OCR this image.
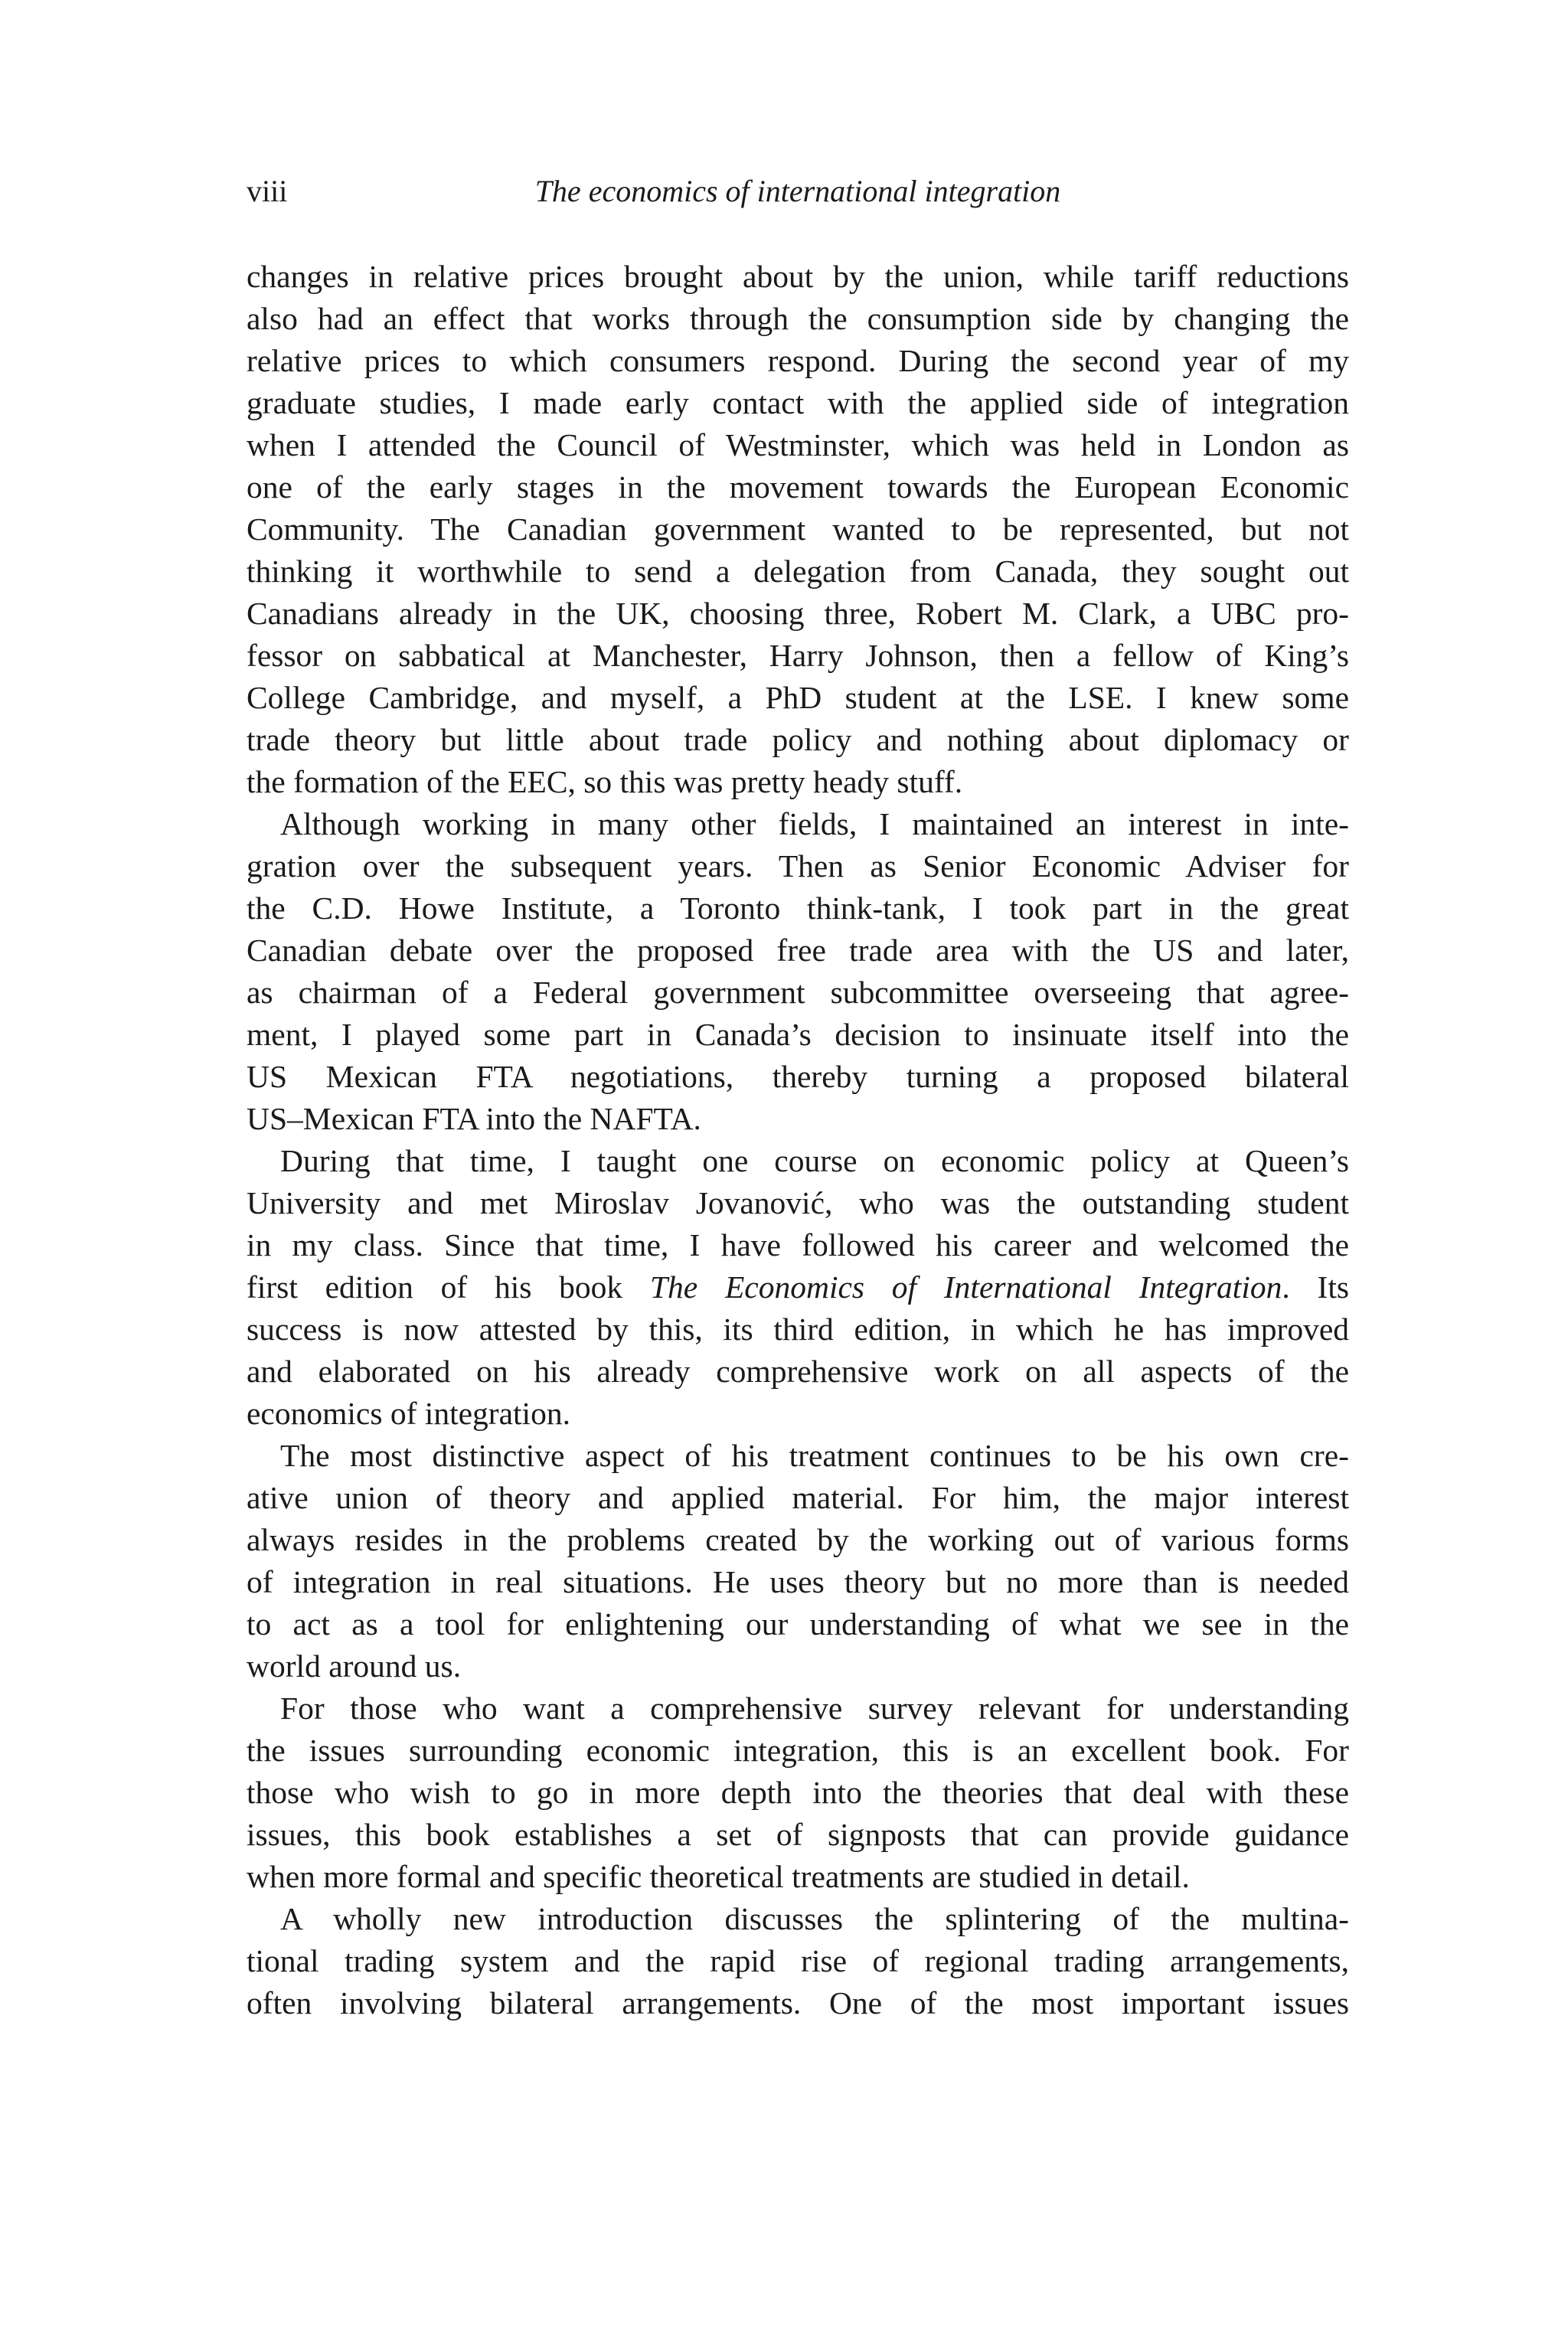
viii	The economics of international integration
changes in relative prices brought about by the union, while tariff reductions
also had an effect that works through the consumption side by changing the
relative prices to which consumers respond. During the second year of my
graduate studies, I made early contact with the applied side of integration
when I attended the Council of Westminster, which was held in London as
one of the early stages in the movement towards the European Economic
Community. The Canadian government wanted to be represented, but not
thinking it worthwhile to send a delegation from Canada, they sought out
Canadians already in the UK, choosing three, Robert M. Clark, a UBC pro-
fessor on sabbatical at Manchester, Harry Johnson, then a fellow of King’s
College Cambridge, and myself, a PhD student at the LSE. I knew some
trade theory but little about trade policy and nothing about diplomacy or
the formation of the EEC, so this was pretty heady stuff.
Although working in many other fields, I maintained an interest in inte-
gration over the subsequent years. Then as Senior Economic Adviser for
the C.D. Howe Institute, a Toronto think-tank, I took part in the great
Canadian debate over the proposed free trade area with the US and later,
as chairman of a Federal government subcommittee overseeing that agree-
ment, I played some part in Canada’s decision to insinuate itself into the
US Mexican FTA negotiations, thereby turning a proposed bilateral
US–Mexican FTA into the NAFTA.
During that time, I taught one course on economic policy at Queen’s
University and met Miroslav Jovanović, who was the outstanding student
in my class. Since that time, I have followed his career and welcomed the
first edition of his book The Economics of International Integration. Its
success is now attested by this, its third edition, in which he has improved
and elaborated on his already comprehensive work on all aspects of the
economics of integration.
The most distinctive aspect of his treatment continues to be his own cre-
ative union of theory and applied material. For him, the major interest
always resides in the problems created by the working out of various forms
of integration in real situations. He uses theory but no more than is needed
to act as a tool for enlightening our understanding of what we see in the
world around us.
For those who want a comprehensive survey relevant for understanding
the issues surrounding economic integration, this is an excellent book. For
those who wish to go in more depth into the theories that deal with these
issues, this book establishes a set of signposts that can provide guidance
when more formal and specific theoretical treatments are studied in detail.
A wholly new introduction discusses the splintering of the multina-
tional trading system and the rapid rise of regional trading arrangements,
often involving bilateral arrangements. One of the most important issues
